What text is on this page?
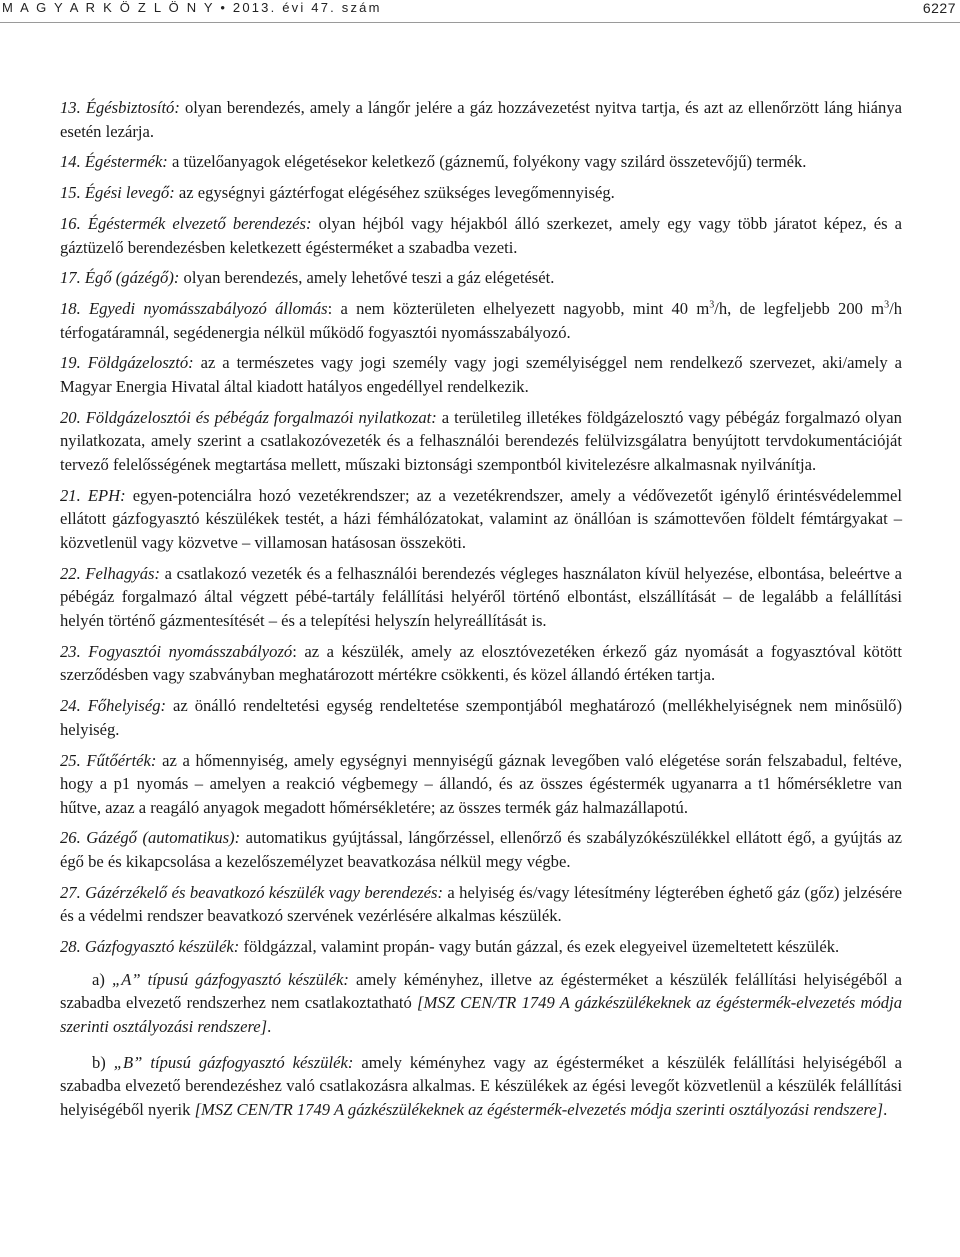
M A G Y A R K Ö Z L Ö N Y • 2013. évi 47. szám	6227
13. Égésbiztosító: olyan berendezés, amely a lángőr jelére a gáz hozzávezetést nyitva tartja, és azt az ellenőrzött láng hiánya esetén lezárja.
14. Égéstermék: a tüzelőanyagok elégetésekor keletkező (gáznemű, folyékony vagy szilárd összetevőjű) termék.
15. Égési levegő: az egységnyi gáztérfogat elégéséhez szükséges levegőmennyiség.
16. Égéstermék elvezető berendezés: olyan héjból vagy héjakból álló szerkezet, amely egy vagy több járatot képez, és a gáztüzelő berendezésben keletkezett égésterméket a szabadba vezeti.
17. Égő (gázégő): olyan berendezés, amely lehetővé teszi a gáz elégetését.
18. Egyedi nyomásszabályozó állomás: a nem közterületen elhelyezett nagyobb, mint 40 $m^3/h$, de legfeljebb 200 $m^3/h$ térfogatáramnál, segédenergia nélkül működő fogyasztói nyomásszabályozó.
19. Földgázelosztó: az a természetes vagy jogi személy vagy jogi személyiséggel nem rendelkező szervezet, aki/amely a Magyar Energia Hivatal által kiadott hatályos engedéllyel rendelkezik.
20. Földgázelosztói és pébégáz forgalmazói nyilatkozat: a területileg illetékes földgázelosztó vagy pébégáz forgalmazó olyan nyilatkozata, amely szerint a csatlakozóvezeték és a felhasználói berendezés felülvizsgálatra benyújtott tervdokumentációját tervező felelősségének megtartása mellett, műszaki biztonsági szempontból kivitelezésre alkalmasnak nyilvánítja.
21. EPH: egyen-potenciálra hozó vezetékrendszer; az a vezetékrendszer, amely a védővezetőt igénylő érintésvédelemmel ellátott gázfogyasztó készülékek testét, a házi fémhálózatokat, valamint az önállóan is számottevően földelt fémtárgyakat – közvetlenül vagy közvetve – villamosan hatásosan összeköti.
22. Felhagyás: a csatlakozó vezeték és a felhasználói berendezés végleges használaton kívül helyezése, elbontása, beleértve a pébégáz forgalmazó által végzett pébé-tartály felállítási helyéről történő elbontást, elszállítását – de legalább a felállítási helyén történő gázmentesítését – és a telepítési helyszín helyreállítását is.
23. Fogyasztói nyomásszabályozó: az a készülék, amely az elosztóvezetéken érkező gáz nyomását a fogyasztóval kötött szerződésben vagy szabványban meghatározott mértékre csökkenti, és közel állandó értéken tartja.
24. Főhelyiség: az önálló rendeltetési egység rendeltetése szempontjából meghatározó (mellékhelyiségnek nem minősülő) helyiség.
25. Fűtőérték: az a hőmennyiség, amely egységnyi mennyiségű gáznak levegőben való elégetése során felszabadul, feltéve, hogy a p1 nyomás – amelyen a reakció végbemegy – állandó, és az összes égéstermék ugyanarra a t1 hőmérsékletre van hűtve, azaz a reagáló anyagok megadott hőmérsékletére; az összes termék gáz halmazállapotú.
26. Gázégő (automatikus): automatikus gyújtással, lángőrzéssel, ellenőrző és szabályzókészülékkel ellátott égő, a gyújtás az égő be és kikapcsolása a kezelőszemélyzet beavatkozása nélkül megy végbe.
27. Gázérzékelő és beavatkozó készülék vagy berendezés: a helyiség és/vagy létesítmény légterében éghető gáz (gőz) jelzésére és a védelmi rendszer beavatkozó szervének vezérlésére alkalmas készülék.
28. Gázfogyasztó készülék: földgázzal, valamint propán- vagy bután gázzal, és ezek elegyeivel üzemeltetett készülék.
a) „A” típusú gázfogyasztó készülék: amely kéményhez, illetve az égésterméket a készülék felállítási helyiségéből a szabadba elvezető rendszerhez nem csatlakoztatható [MSZ CEN/TR 1749 A gázkészülékeknek az égéstermék-elvezetés módja szerinti osztályozási rendszere].
b) „B” típusú gázfogyasztó készülék: amely kéményhez vagy az égésterméket a készülék felállítási helyiségéből a szabadba elvezető berendezéshez való csatlakozásra alkalmas. E készülékek az égési levegőt közvetlenül a készülék felállítási helyiségéből nyerik [MSZ CEN/TR 1749 A gázkészülékeknek az égéstermék-elvezetés módja szerinti osztályozási rendszere].
